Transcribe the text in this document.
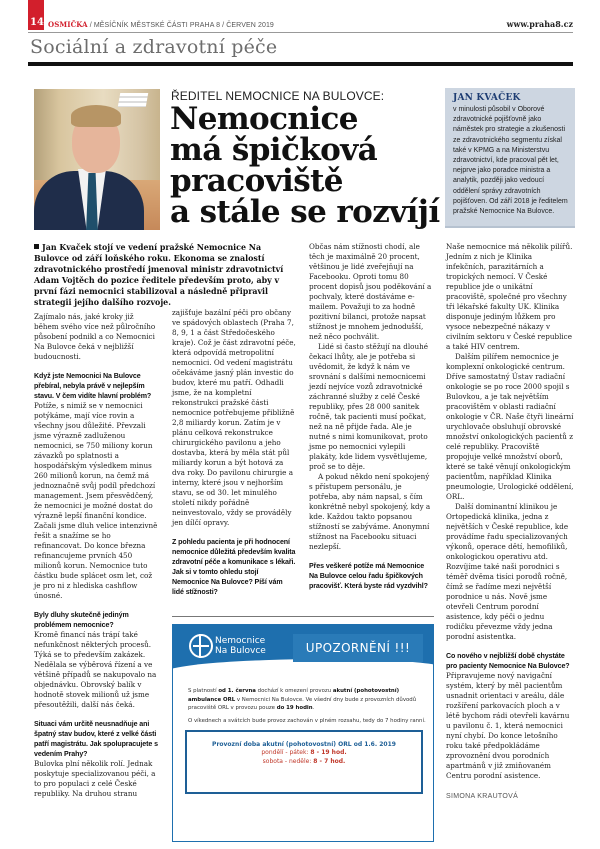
14 OSMIČKA / MĚSÍČNÍK MĚSTSKÉ ČÁSTI PRAHA 8 / ČERVEN 2019	www.praha8.cz
Sociální a zdravotní péče
ŘEDITEL NEMOCNICE NA BULOVCE:
Nemocnice
má špičková
pracoviště
a stále se rozvíjí
JAN KVAČEK

v minulosti působil v Oborové zdravotnické pojišťovně jako náměstek pro strategie a zkušenosti ze zdravotnického segmentu získal také v KPMG a na Ministerstvu zdravotnictví, kde pracoval pět let, nejprve jako poradce ministra a analytik, později jako vedoucí oddělení správy zdravotních pojišťoven. Od září 2018 je ředitelem pražské Nemocnice Na Bulovce.

Jan Kvaček stojí ve vedení pražské Nemocnice Na Bulovce od září loňského roku. Ekonoma se znalostí zdravotnického prostředí jmenoval ministr zdravotnictví Adam Vojtěch do pozice ředitele především proto, aby v první fázi nemocnici stabilizoval a následně připravil strategii jejího dalšího rozvoje.

Zajímalo nás, jaké kroky již během svého více než půlročního působení podnikl a co Nemocnici Na Bulovce čeká v nejbližší budoucnosti.

Když jste Nemocnici Na Bulovce přebíral, nebyla právě v nejlepším stavu. V čem vidíte hlavní problém?

Potíže, s nimiž se v nemocnici potýkáme, mají více rovin a všechny jsou důležité. Převzali jsme výrazně zadluženou nemocnici, se 750 miliony korun závazků po splatnosti a hospodářským výsledkem minus 260 milionů korun, na čemž má jednoznačně svůj podíl předchozí management. Jsem přesvědčený, že nemocnici je možné dostat do výrazně lepší finanční kondice. Začali jsme dluh velice intenzivně řešit a snažíme se ho refinancovat. Do konce března refinancujeme prvních 450 milionů korun. Nemocnice tuto částku bude splácet osm let, což je pro ni z hlediska cashflow únosné.

Byly dluhy skutečně jediným problémem nemocnice?

Kromě financí nás trápí také nefunkčnost některých procesů. Týká se to především zakázek. Nedělala se výběrová řízení a ve většině případů se nakupovalo na objednávku. Obrovský balík v hodnotě stovek milionů už jsme přesoutěžili, další nás čeká.

Situaci vám určitě neusnadňuje ani špatný stav budov, které z velké části patří magistrátu. Jak spolupracujete s vedením Prahy?

Bulovka plní několik rolí. Jednak poskytuje specializovanou péči, a to pro populaci z celé České republiky. Na druhou stranu

zajišťuje bazální péči pro občany ve spádových oblastech (Praha 7, 8, 9, 1 a část Středočeského kraje). Což je část zdravotní péče, která odpovídá metropolitní nemocnici. Od vedení magistrátu očekáváme jasný plán investic do budov, které mu patří. Odhadli jsme, že na kompletní rekonstrukci pražské části nemocnice potřebujeme přibližně 2,8 miliardy korun. Zatím je v plánu celková rekonstrukce chirurgického pavilonu a jeho dostavba, která by měla stát půl miliardy korun a být hotová za dva roky. Do pavilonu chirurgie a interny, které jsou v nejhorším stavu, se od 30. let minulého století nikdy pořádně neinvestovalo, vždy se prováděly jen dílčí opravy.

Z pohledu pacienta je při hodnocení nemocnice důležitá především kvalita zdravotní péče a komunikace s lékaři. Jak si v tomto ohledu stojí Nemocnice Na Bulovce? Píší vám lidé stížnosti?

Občas nám stížnosti chodí, ale těch je maximálně 20 procent, většinou je lidé zveřejňují na Facebooku. Oproti tomu 80 procent dopisů jsou poděkování a pochvaly, které dostáváme e-mailem. Považuji to za hodně pozitivní bilanci, protože napsat stížnost je mnohem jednodušší, než něco pochválit.

Lidé si často stěžují na dlouhé čekací lhůty, ale je potřeba si uvědomit, že když k nám ve srovnání s dalšími nemocnicemi jezdí nejvíce vozů zdravotnické záchranné služby z celé České republiky, přes 28 000 sanitek ročně, tak pacienti musí počkat, než na ně přijde řada. Ale je nutné s nimi komunikovat, proto jsme po nemocnici vylepili plakáty, kde lidem vysvětlujeme, proč se to děje.

A pokud někdo není spokojený s přístupem personálu, je potřeba, aby nám napsal, s čím konkrétně nebyl spokojený, kdy a kde. Každou takto popsanou stížností se zabýváme. Anonymní stížnost na Facebooku situaci nezlepší.

Přes veškeré potíže má Nemocnice Na Bulovce celou řadu špičkových pracovišť. Která byste rád vyzdvihl?

Naše nemocnice má několik pilířů. Jedním z nich je Klinika infekčních, parazitárních a tropických nemocí. V České republice jde o unikátní pracoviště, společné pro všechny tři lékařské fakulty UK. Klinika disponuje jediným lůžkem pro vysoce nebezpečné nákazy v civilním sektoru v České republice a také HIV centrem.

Dalším pilířem nemocnice je komplexní onkologické centrum. Dříve samostatný Ústav radiační onkologie se po roce 2000 spojil s Bulovkou, a je tak největším pracovištěm v oblasti radiační onkologie v ČR. Naše čtyři lineární urychlovače obsluhují obrovské množství onkologických pacientů z celé republiky. Pracoviště propojuje velké množství oborů, které se také věnují onkologickým pacientům, například Klinika pneumologie, Urologické oddělení, ORL.

Další dominantní klinikou je Ortopedická klinika, jedna z největších v České republice, kde provádíme řadu specializovaných výkonů, operace dětí, hemofiliků, onkologickou operativu atd. Rozvíjíme také naši porodnici s téměř dvěma tisíci porodů ročně, čímž se řadíme mezi největší porodnice u nás. Nově jsme otevřeli Centrum porodní asistence, kdy péči o jednu rodičku převezme vždy jedna porodní asistentka.

Co nového v nejbližší době chystáte pro pacienty Nemocnice Na Bulovce?

Připravujeme nový navigační systém, který by měl pacientům usnadnit orientaci v areálu, dále rozšíření parkovacích ploch a v létě bychom rádi otevřeli kavárnu u pavilonu č. 1, která nemocnici nyní chybí. Do konce letošního roku také předpokládáme zprovoznění dvou porodních apartmánů v již zmiňovaném Centru porodní asistence.

SIMONA KRAUTOVÁ

Nemocnice
Na Bulovce	UPOZORNĚNÍ !!!

S platností od 1. června dochází k omezení provozu akutní (pohotovostní) ambulance ORL v Nemocnici Na Bulovce. Ve všední dny bude z provozních důvodů pracoviště ORL v provozu pouze do 19 hodin.

O víkednech a svátcích bude provoz zachován v plném rozsahu, tedy do 7 hodiny ranní.

Provozní doba akutní (pohotovostní) ORL od 1.6. 2019
pondělí - pátek: 8 - 19 hod.
sobota - neděle: 8 - 7 hod.
